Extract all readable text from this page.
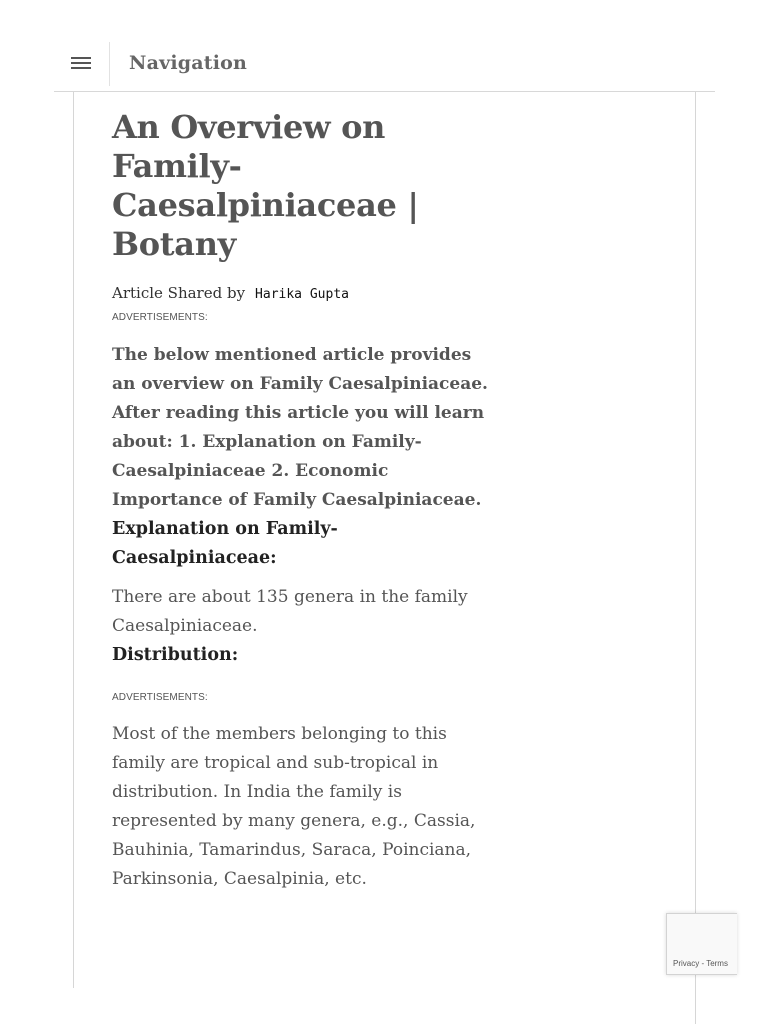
Navigation
An Overview on Family-Caesalpiniaceae | Botany
Article Shared by Harika Gupta
ADVERTISEMENTS:
The below mentioned article provides an overview on Family Caesalpiniaceae. After reading this article you will learn about: 1. Explanation on Family-Caesalpiniaceae 2. Economic Importance of Family Caesalpiniaceae.
Explanation on Family-Caesalpiniaceae:
There are about 135 genera in the family Caesalpiniaceae.
Distribution:
ADVERTISEMENTS:
Most of the members belonging to this family are tropical and sub-tropical in distribution. In India the family is represented by many genera, e.g., Cassia, Bauhinia, Tamarindus, Saraca, Poinciana, Parkinsonia, Caesalpinia, etc.
Privacy - Terms
